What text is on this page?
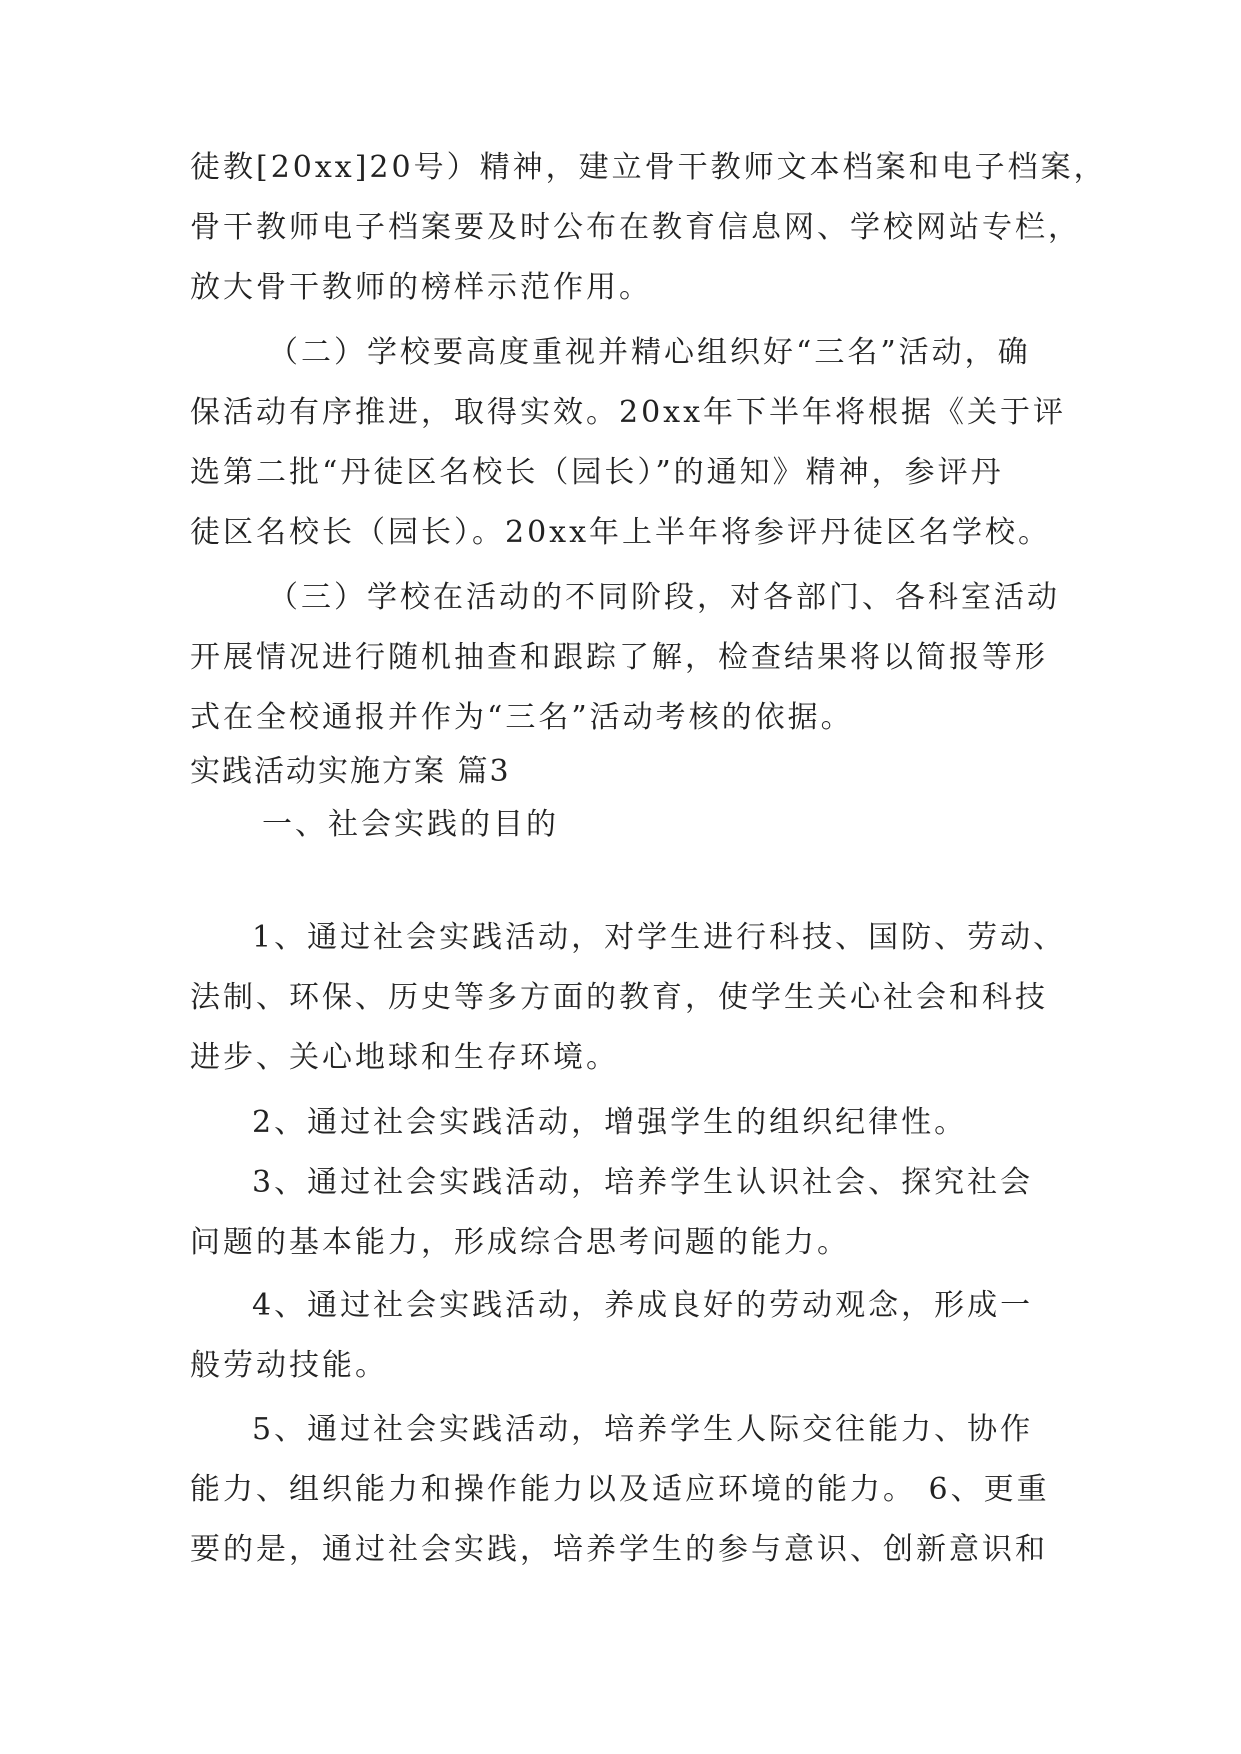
徒教[20xx]20号）精神，建立骨干教师文本档案和电子档案，
骨干教师电子档案要及时公布在教育信息网、学校网站专栏，
放大骨干教师的榜样示范作用。
（二）学校要高度重视并精心组织好“三名”活动，确
保活动有序推进，取得实效。20xx年下半年将根据《关于评
选第二批“丹徒区名校长（园长）”的通知》精神，参评丹
徒区名校长（园长）。20xx年上半年将参评丹徒区名学校。
（三）学校在活动的不同阶段，对各部门、各科室活动
开展情况进行随机抽查和跟踪了解，检查结果将以简报等形
式在全校通报并作为“三名”活动考核的依据。
实践活动实施方案 篇3
一、社会实践的目的
1、通过社会实践活动，对学生进行科技、国防、劳动、
法制、环保、历史等多方面的教育，使学生关心社会和科技
进步、关心地球和生存环境。
2、通过社会实践活动，增强学生的组织纪律性。
3、通过社会实践活动，培养学生认识社会、探究社会
问题的基本能力，形成综合思考问题的能力。
4、通过社会实践活动，养成良好的劳动观念，形成一
般劳动技能。
5、通过社会实践活动，培养学生人际交往能力、协作
能力、组织能力和操作能力以及适应环境的能力。 6、更重
要的是，通过社会实践，培养学生的参与意识、创新意识和
